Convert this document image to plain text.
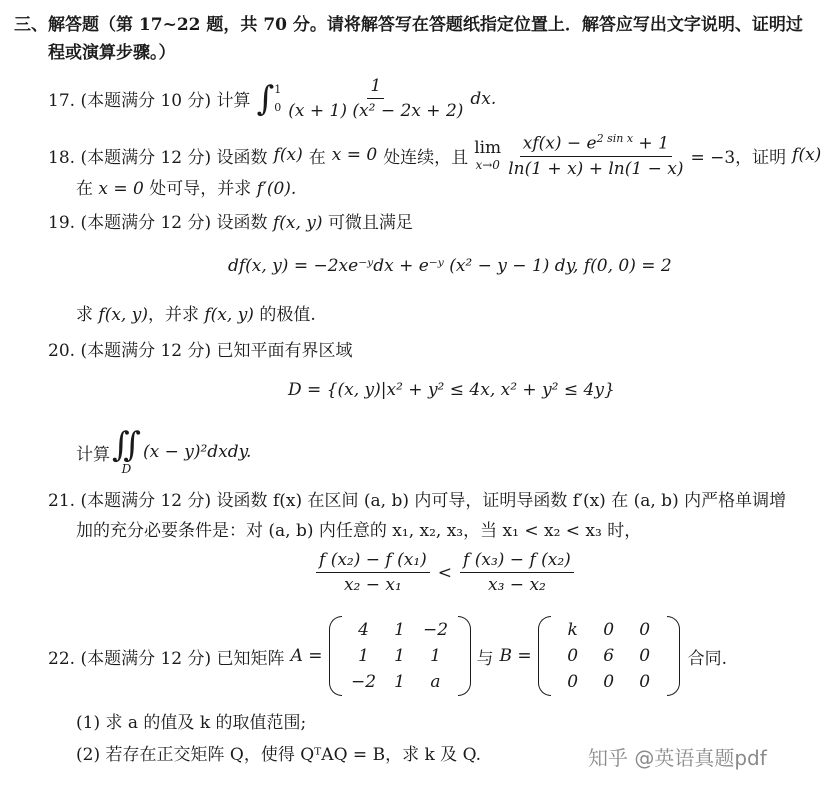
三、解答题（第 17~22 题，共 70 分。请将解答写在答题纸指定位置上．解答应写出文字说明、证明过
程或演算步骤。）
17. (本题满分 10 分) 计算 ∫ 1
$0 \frac{1}{\text{(x + 1) (x² − 2x + 2)}}$ dx.
18. (本题满分 12 分) 设函数 f(x) 在 x = 0 处连续，且 lim
$x\to 0 \frac{xf(x) - e^{2 sin x} + 1}{\ln(1 + x) + \ln(1 - x)} = -3$，证明 f(x)
在 x = 0 处可导，并求 f′(0).
19. (本题满分 12 分) 设函数 f(x, y) 可微且满足
df(x, y) = −2xe⁻ʸdx + e⁻ʸ (x² − y − 1) dy, f(0, 0) = 2
求 f(x, y)，并求 f(x, y) 的极值.
20. (本题满分 12 分) 已知平面有界区域
D = {(x, y)|x² + y² ≤ 4x, x² + y² ≤ 4y}
计算 ∬
D
(x − y)²dxdy.
21. (本题满分 12 分) 设函数 f(x) 在区间 (a, b) 内可导，证明导函数 f′(x) 在 (a, b) 内严格单调增
加的充分必要条件是：对 (a, b) 内任意的 x₁, x₂, x₃，当 x₁ < x₂ < x₃ 时，
$\frac{\text{f (x₂) − f (x₁)}}{\text{x₂ − x₁}} < \frac{\text{f (x₃) − f (x₂)}}{\text{x₃ − x₂}}$
22. (本题满分 12 分) 已知矩阵 A =
4	1	−2
1	1	1
−2	1	a
与 B =
k	0	0
0	6	0
0	0	0
合同.
(1) 求 a 的值及 k 的取值范围;
(2) 若存在正交矩阵 Q，使得 QᵀAQ = B，求 k 及 Q.	知乎 @英语真题pdf
